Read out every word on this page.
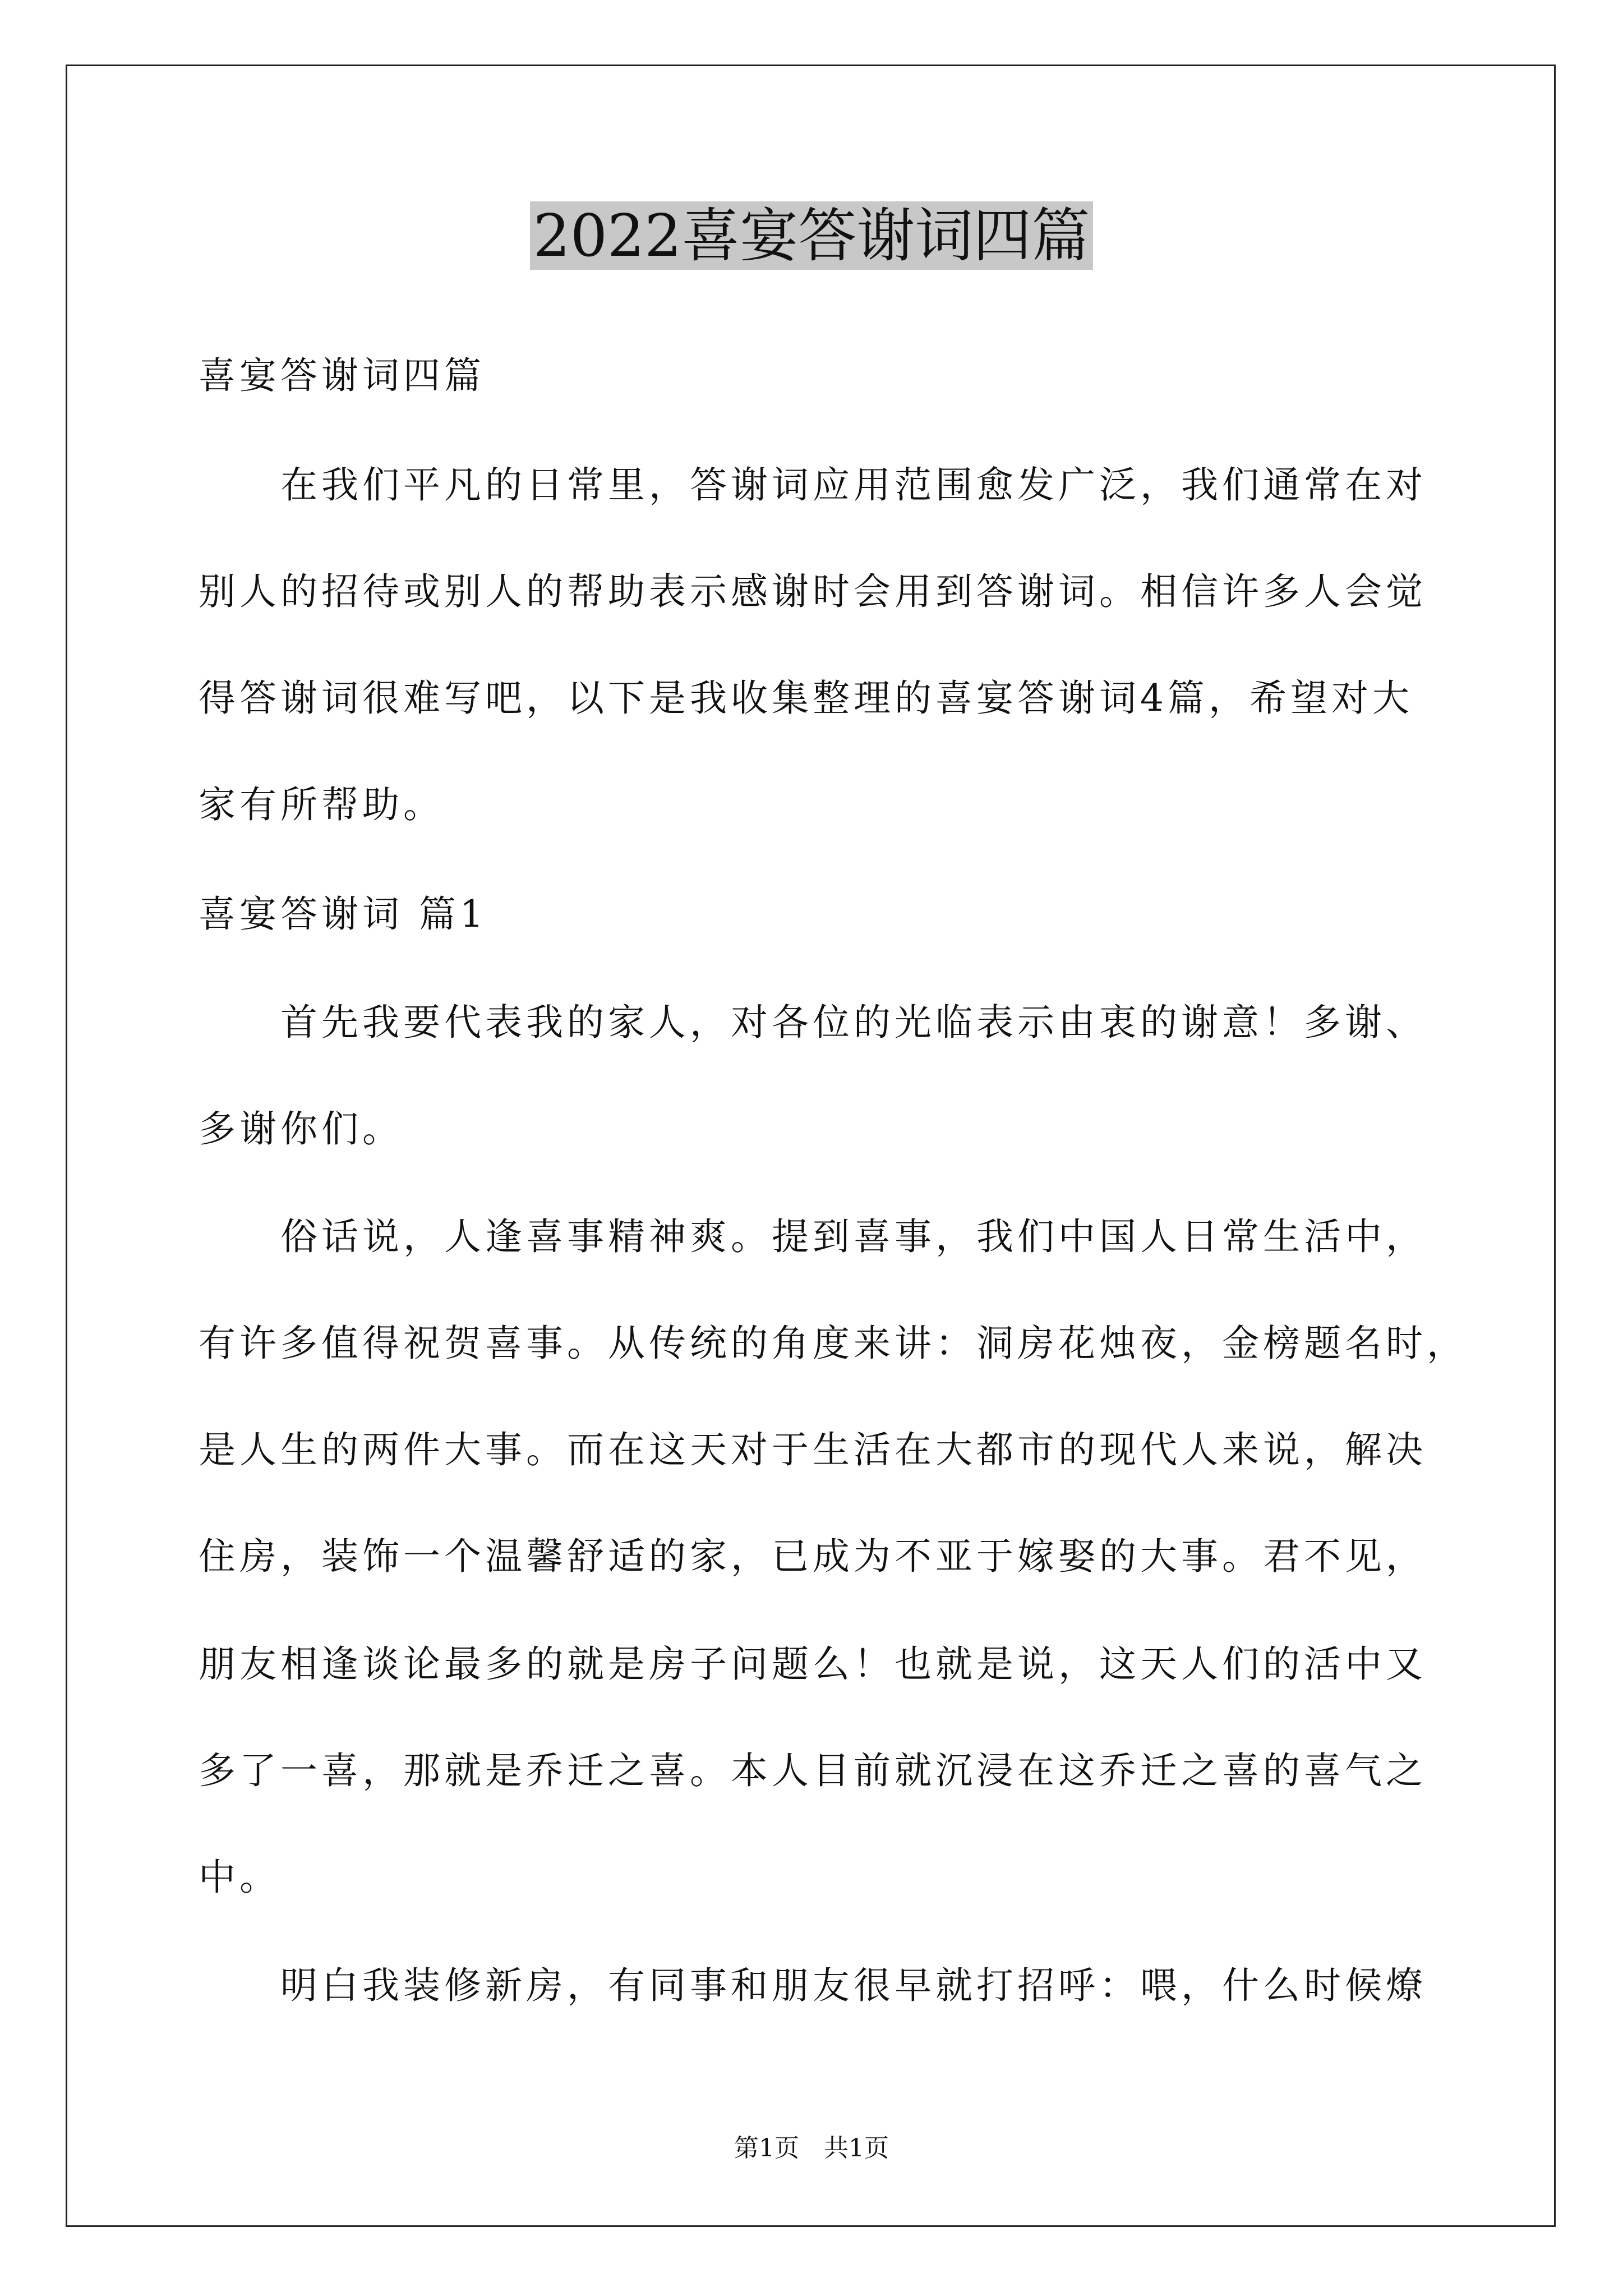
2022喜宴答谢词四篇
喜宴答谢词四篇
在我们平凡的日常里，答谢词应用范围愈发广泛，我们通常在对
别人的招待或别人的帮助表示感谢时会用到答谢词。相信许多人会觉
得答谢词很难写吧，以下是我收集整理的喜宴答谢词4篇，希望对大
家有所帮助。
喜宴答谢词 篇1
首先我要代表我的家人，对各位的光临表示由衷的谢意！多谢、
多谢你们。
俗话说，人逢喜事精神爽。提到喜事，我们中国人日常生活中，
有许多值得祝贺喜事。从传统的角度来讲：洞房花烛夜，金榜题名时，
是人生的两件大事。而在这天对于生活在大都市的现代人来说，解决
住房，装饰一个温馨舒适的家，已成为不亚于嫁娶的大事。君不见，
朋友相逢谈论最多的就是房子问题么！也就是说，这天人们的活中又
多了一喜，那就是乔迁之喜。本人目前就沉浸在这乔迁之喜的喜气之
中。
明白我装修新房，有同事和朋友很早就打招呼：喂，什么时候燎
第1页　共1页
